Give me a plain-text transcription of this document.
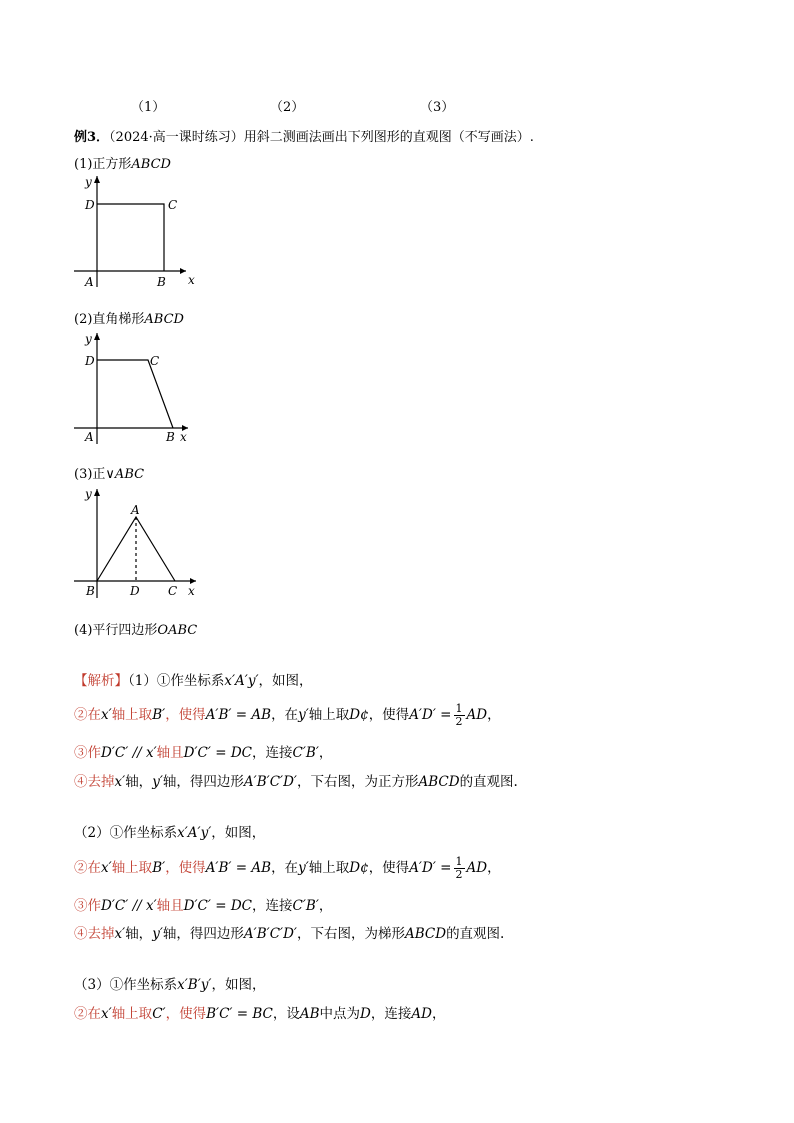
（1）	（2）	（3）
例3．（2024·高一课时练习）用斜二测画法画出下列图形的直观图（不写画法）.
(1)正方形ABCD
y
x
A	B
C
D
(2)直角梯形ABCD
y
x
A	B
C
D
(3)正∨ABC
y
x
B	D C
A
(4)平行四边形OABC
【解析】（1）①作坐标系x′A′y′，如图，
②在x′轴上取B′，使得A′B′ = AB，在y′轴上取D¢，使得$A'D' = \frac{1}{2}$ AD，
③作D′C′ // x′轴且D′C′ = DC，连接C′B′，
④去掉x′轴，y′轴，得四边形A′B′C′D′，下右图，为正方形ABCD的直观图.
（2）①作坐标系x′A′y′，如图，
②在x′轴上取B′，使得A′B′ = AB，在y′轴上取D¢，使得$A'D' = \frac{1}{2}$ AD，
③作D′C′ // x′轴且D′C′ = DC，连接C′B′，
④去掉x′轴，y′轴，得四边形A′B′C′D′，下右图，为梯形ABCD的直观图.
（3）①作坐标系x′B′y′，如图，
②在x′轴上取C′，使得B′C′ = BC，设AB中点为D，连接AD，
